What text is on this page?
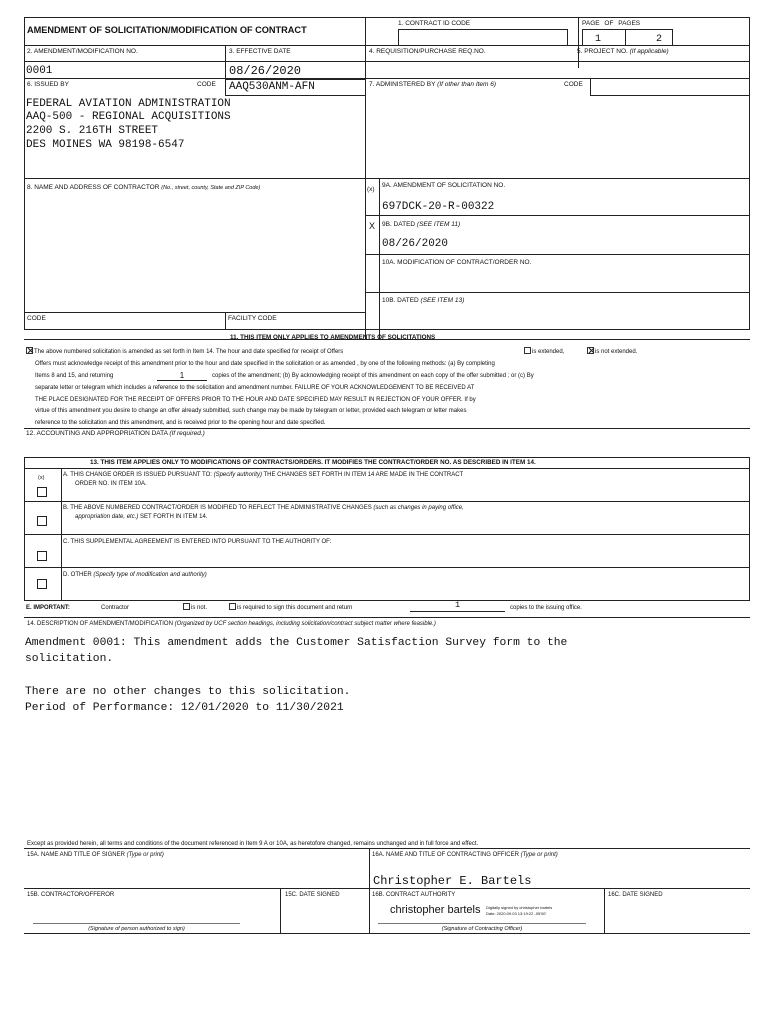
AMENDMENT OF SOLICITATION/MODIFICATION OF CONTRACT
1. CONTRACT ID CODE	PAGE OF PAGES
1	2
2. AMENDMENT/MODIFICATION NO.
0001
3. EFFECTIVE DATE
08/26/2020
4. REQUISITION/PURCHASE REQ.NO.	5. PROJECT NO. (If applicable)
6. ISSUED BY	CODE AAQ530ANM-AFN
FEDERAL AVIATION ADMINISTRATION
AAQ-500 - REGIONAL ACQUISITIONS
2200 S. 216TH STREET
DES MOINES WA 98198-6547
7. ADMINISTERED BY (If other than Item 6)	CODE
8. NAME AND ADDRESS OF CONTRACTOR (No., street, county, State and ZIP Code)
CODE	FACILITY CODE
(x)
9A. AMENDMENT OF SOLICITATION NO.
697DCK-20-R-00322
X 9B. DATED (SEE ITEM 11)
08/26/2020
10A. MODIFICATION OF CONTRACT/ORDER NO.
10B. DATED (SEE ITEM 13)
11. THIS ITEM ONLY APPLIES TO AMENDMENTS OF SOLICITATIONS
The above numbered solicitation is amended as set forth in Item 14. The hour and date specified for receipt of Offers	is extended,	is not extended.
Offers must acknowledge receipt of this amendment prior to the hour and date specified in the solicitation or as amended , by one of the following methods: (a) By completing
Items 8 and 15, and returning	1	copies of the amendment; (b) By acknowledging receipt of this amendment on each copy of the offer submitted ; or (c) By
separate letter or telegram which includes a reference to the solicitation and amendment number. FAILURE OF YOUR ACKNOWLEDGEMENT TO BE RECEIVED AT
THE PLACE DESIGNATED FOR THE RECEIPT OF OFFERS PRIOR TO THE HOUR AND DATE SPECIFIED MAY RESULT IN REJECTION OF YOUR OFFER. If by
virtue of this amendment you desire to change an offer already submitted, such change may be made by telegram or letter, provided each telegram or letter makes
reference to the solicitation and this amendment, and is received prior to the opening hour and date specified.
12. ACCOUNTING AND APPROPRIATION DATA (If required.)
13. THIS ITEM APPLIES ONLY TO MODIFICATIONS OF CONTRACTS/ORDERS. IT MODIFIES THE CONTRACT/ORDER NO. AS DESCRIBED IN ITEM 14.
(x)	A. THIS CHANGE ORDER IS ISSUED PURSUANT TO: (Specify authority) THE CHANGES SET FORTH IN ITEM 14 ARE MADE IN THE CONTRACT
ORDER NO. IN ITEM 10A.
B. THE ABOVE NUMBERED CONTRACT/ORDER IS MODIFIED TO REFLECT THE ADMINISTRATIVE CHANGES (such as changes in paying office,
appropriation date, etc.) SET FORTH IN ITEM 14.
C. THIS SUPPLEMENTAL AGREEMENT IS ENTERED INTO PURSUANT TO THE AUTHORITY OF:
D. OTHER (Specify type of modification and authority)
E. IMPORTANT:	Contractor	is not.	is required to sign this document and return	1	copies to the issuing office.
14. DESCRIPTION OF AMENDMENT/MODIFICATION (Organized by UCF section headings, including solicitation/contract subject matter where feasible.)
Amendment 0001: This amendment adds the Customer Satisfaction Survey form to the
solicitation.
There are no other changes to this solicitation.
Period of Performance: 12/01/2020 to 11/30/2021
Except as provided herein, all terms and conditions of the document referenced in Item 9 A or 10A, as heretofore changed, remains unchanged and in full force and effect.
15A. NAME AND TITLE OF SIGNER (Type or print)	16A. NAME AND TITLE OF CONTRACTING OFFICER (Type or print)
Christopher E. Bartels
15B. CONTRACTOR/OFFEROR	15C. DATE SIGNED	16B. CONTRACT AUTHORITY	16C. DATE SIGNED
(Signature of person authorized to sign)
christopher bartels Digitally signed by christopher bartels
Date: 2020.09.03 13:19:22 -05'00'
(Signature of Contracting Officer)
